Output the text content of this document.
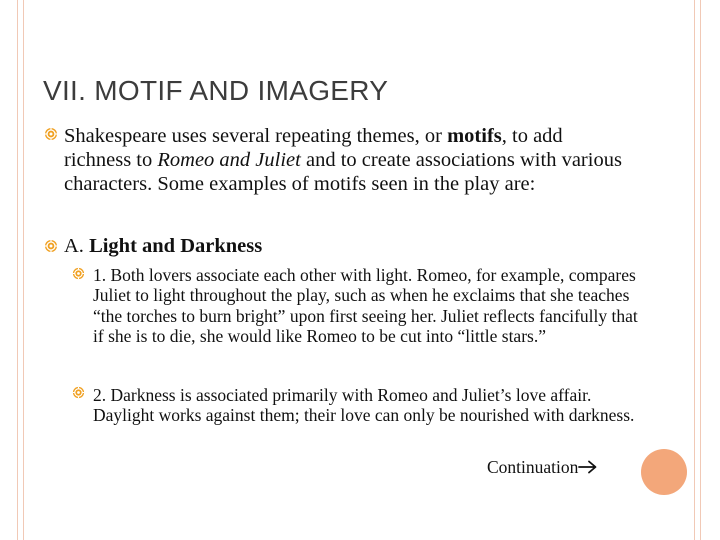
VII. MOTIF AND IMAGERY
Shakespeare uses several repeating themes, or motifs, to add richness to Romeo and Juliet and to create associations with various characters. Some examples of motifs seen in the play are:
A. Light and Darkness
1. Both lovers associate each other with light. Romeo, for example, compares Juliet to light throughout the play, such as when he exclaims that she teaches “the torches to burn bright” upon first seeing her. Juliet reflects fancifully that if she is to die, she would like Romeo to be cut into “little stars.”
2. Darkness is associated primarily with Romeo and Juliet’s love affair. Daylight works against them; their love can only be nourished with darkness.
Continuation
